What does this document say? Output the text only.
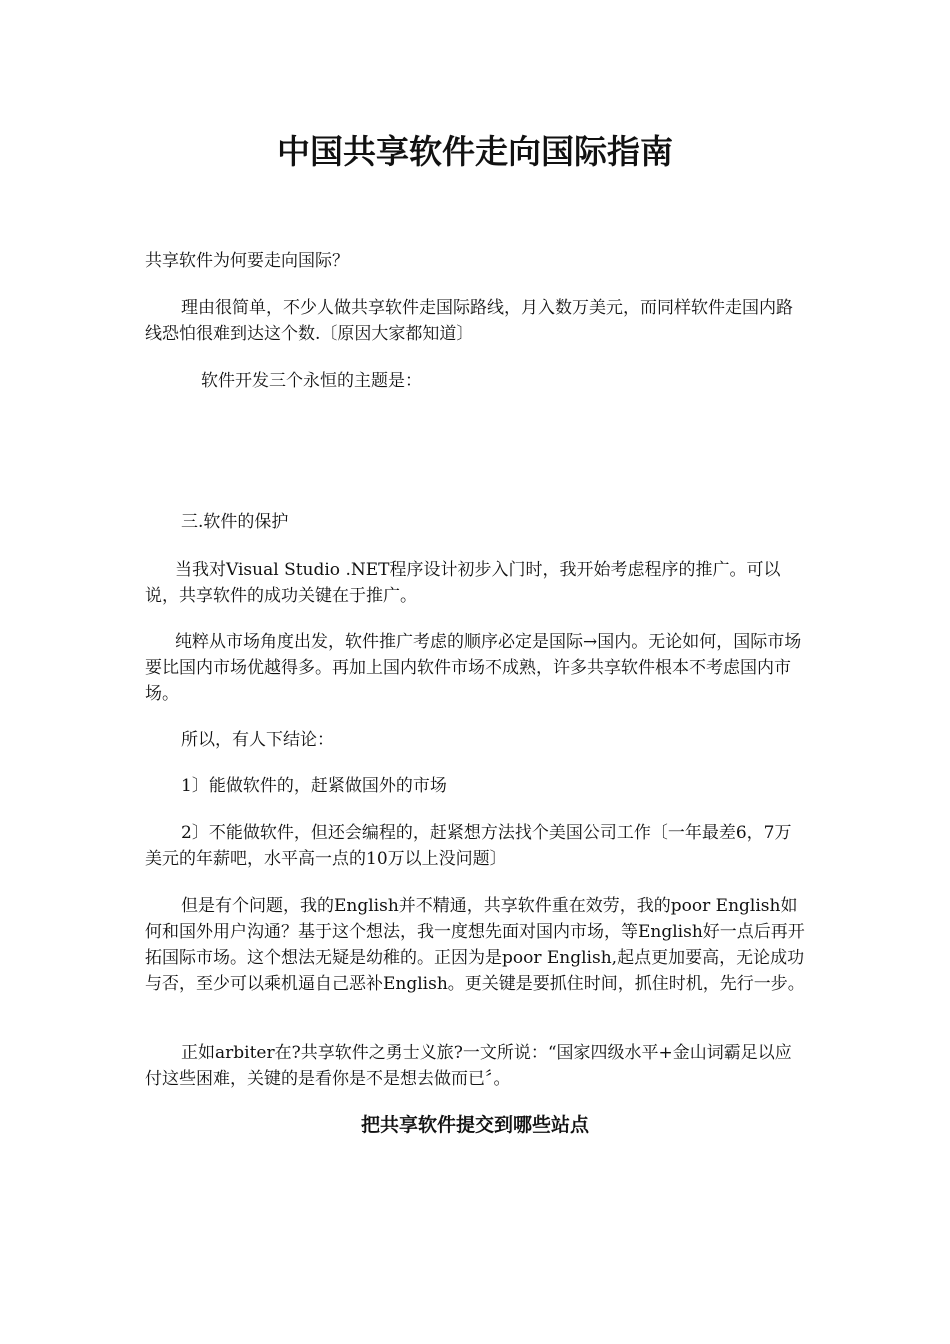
中国共享软件走向国际指南

共享软件为何要走向国际？

理由很简单，不少人做共享软件走国际路线，月入数万美元，而同样软件走国内路线恐怕很难到达这个数.〔原因大家都知道〕

软件开发三个永恒的主题是：

三.软件的保护

当我对Visual Studio .NET程序设计初步入门时，我开始考虑程序的推广。可以说，共享软件的成功关键在于推广。

纯粹从市场角度出发，软件推广考虑的顺序必定是国际→国内。无论如何，国际市场要比国内市场优越得多。再加上国内软件市场不成熟，许多共享软件根本不考虑国内市场。

所以，有人下结论：

1〕能做软件的，赶紧做国外的市场

2〕不能做软件，但还会编程的，赶紧想方法找个美国公司工作〔一年最差6，7万美元的年薪吧，水平高一点的10万以上没问题〕

但是有个问题，我的English并不精通，共享软件重在效劳，我的poor English如何和国外用户沟通？基于这个想法，我一度想先面对国内市场，等English好一点后再开拓国际市场。这个想法无疑是幼稚的。正因为是poor English,起点更加要高，无论成功与否，至少可以乘机逼自己恶补English。更关键是要抓住时间，抓住时机，先行一步。

正如arbiter在?共享软件之勇士义旅?一文所说：“国家四级水平+金山词霸足以应付这些困难，关键的是看你是不是想去做而已〞。

把共享软件提交到哪些站点
